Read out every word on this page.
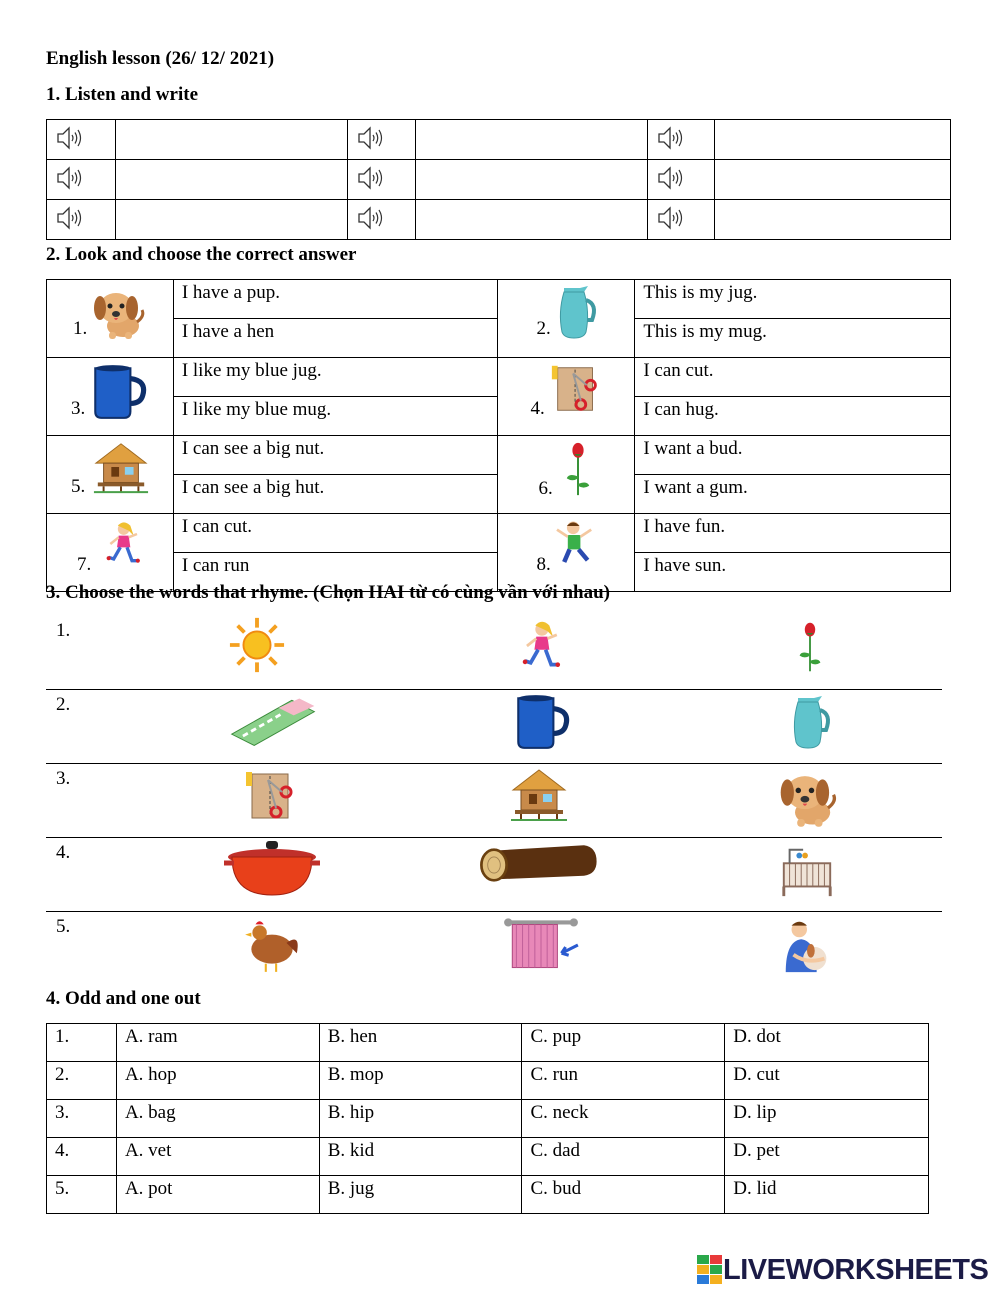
English lesson (26/ 12/ 2021)
1. Listen and write

2. Look and choose the correct answer
1.	I have a pup.	2.	This is my jug.
	I have a hen		This is my mug.

3.	I like my blue jug.	4.	I can cut.
	I like my blue mug.		I can hug.

5.	I can see a big nut.	6.	I want a bud.
	I can see a big hut.		I want a gum.

7.	I can cut.	8.	I have fun.
	I can run		I have sun.
3. Choose the words that rhyme. (Chọn HAI từ có cùng vần với nhau)
1.
2.
3.
4.
5.
4. Odd and one out
1.	A. ram	B. hen	C. pup	D. dot
2.	A. hop	B. mop	C. run	D. cut
3.	A. bag	B. hip	C. neck	D. lip
4.	A. vet	B. kid	C. dad	D. pet
5.	A. pot	B. jug	C. bud	D. lid
LIVEWORKSHEETS
